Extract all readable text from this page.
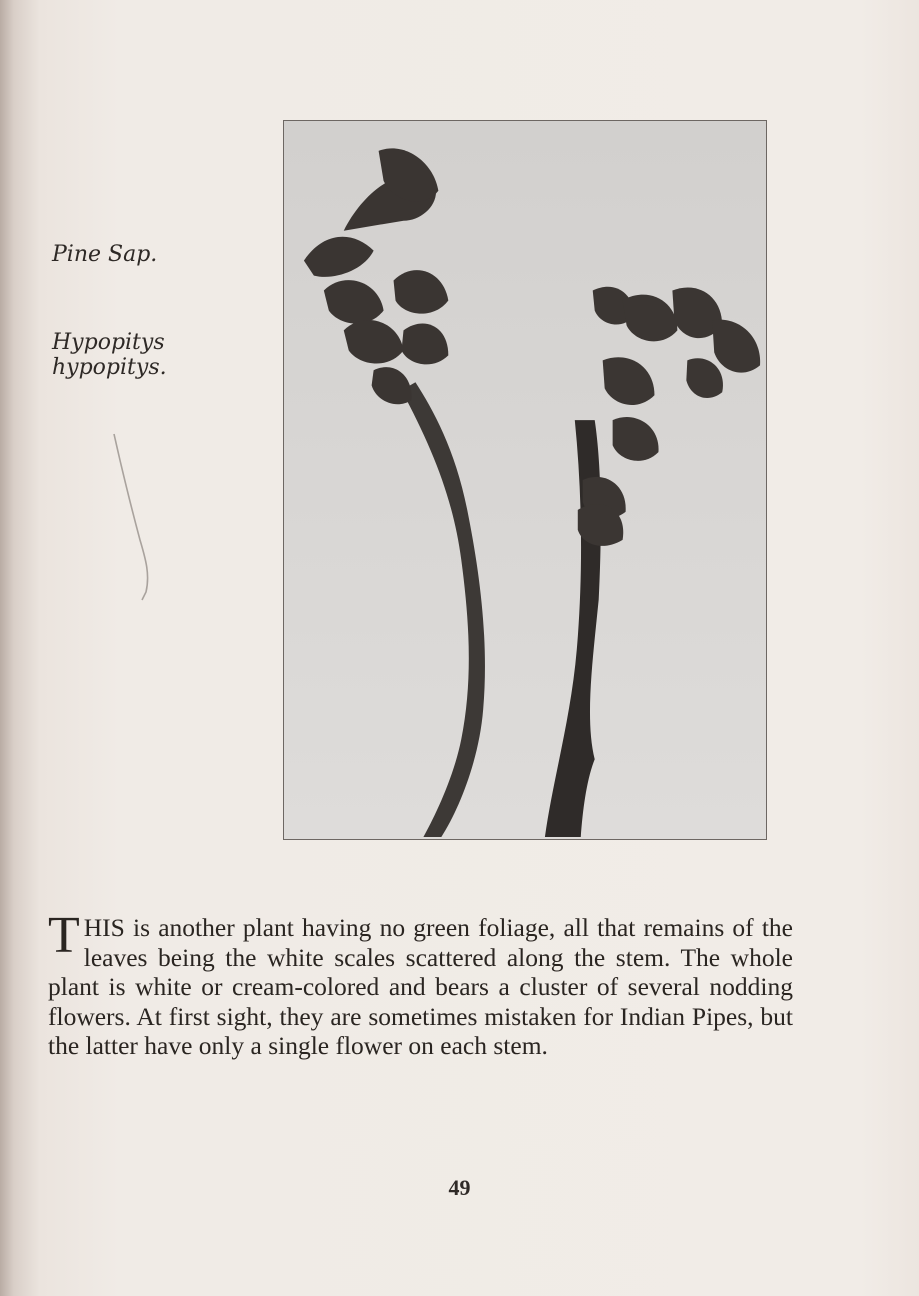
Pine Sap.
Hypopitys hypopitys.
THIS is another plant having no green foliage, all that remains of the leaves being the white scales scattered along the stem. The whole plant is white or cream-colored and bears a cluster of several nodding flowers. At first sight, they are sometimes mistaken for Indian Pipes, but the latter have only a single flower on each stem.
49
